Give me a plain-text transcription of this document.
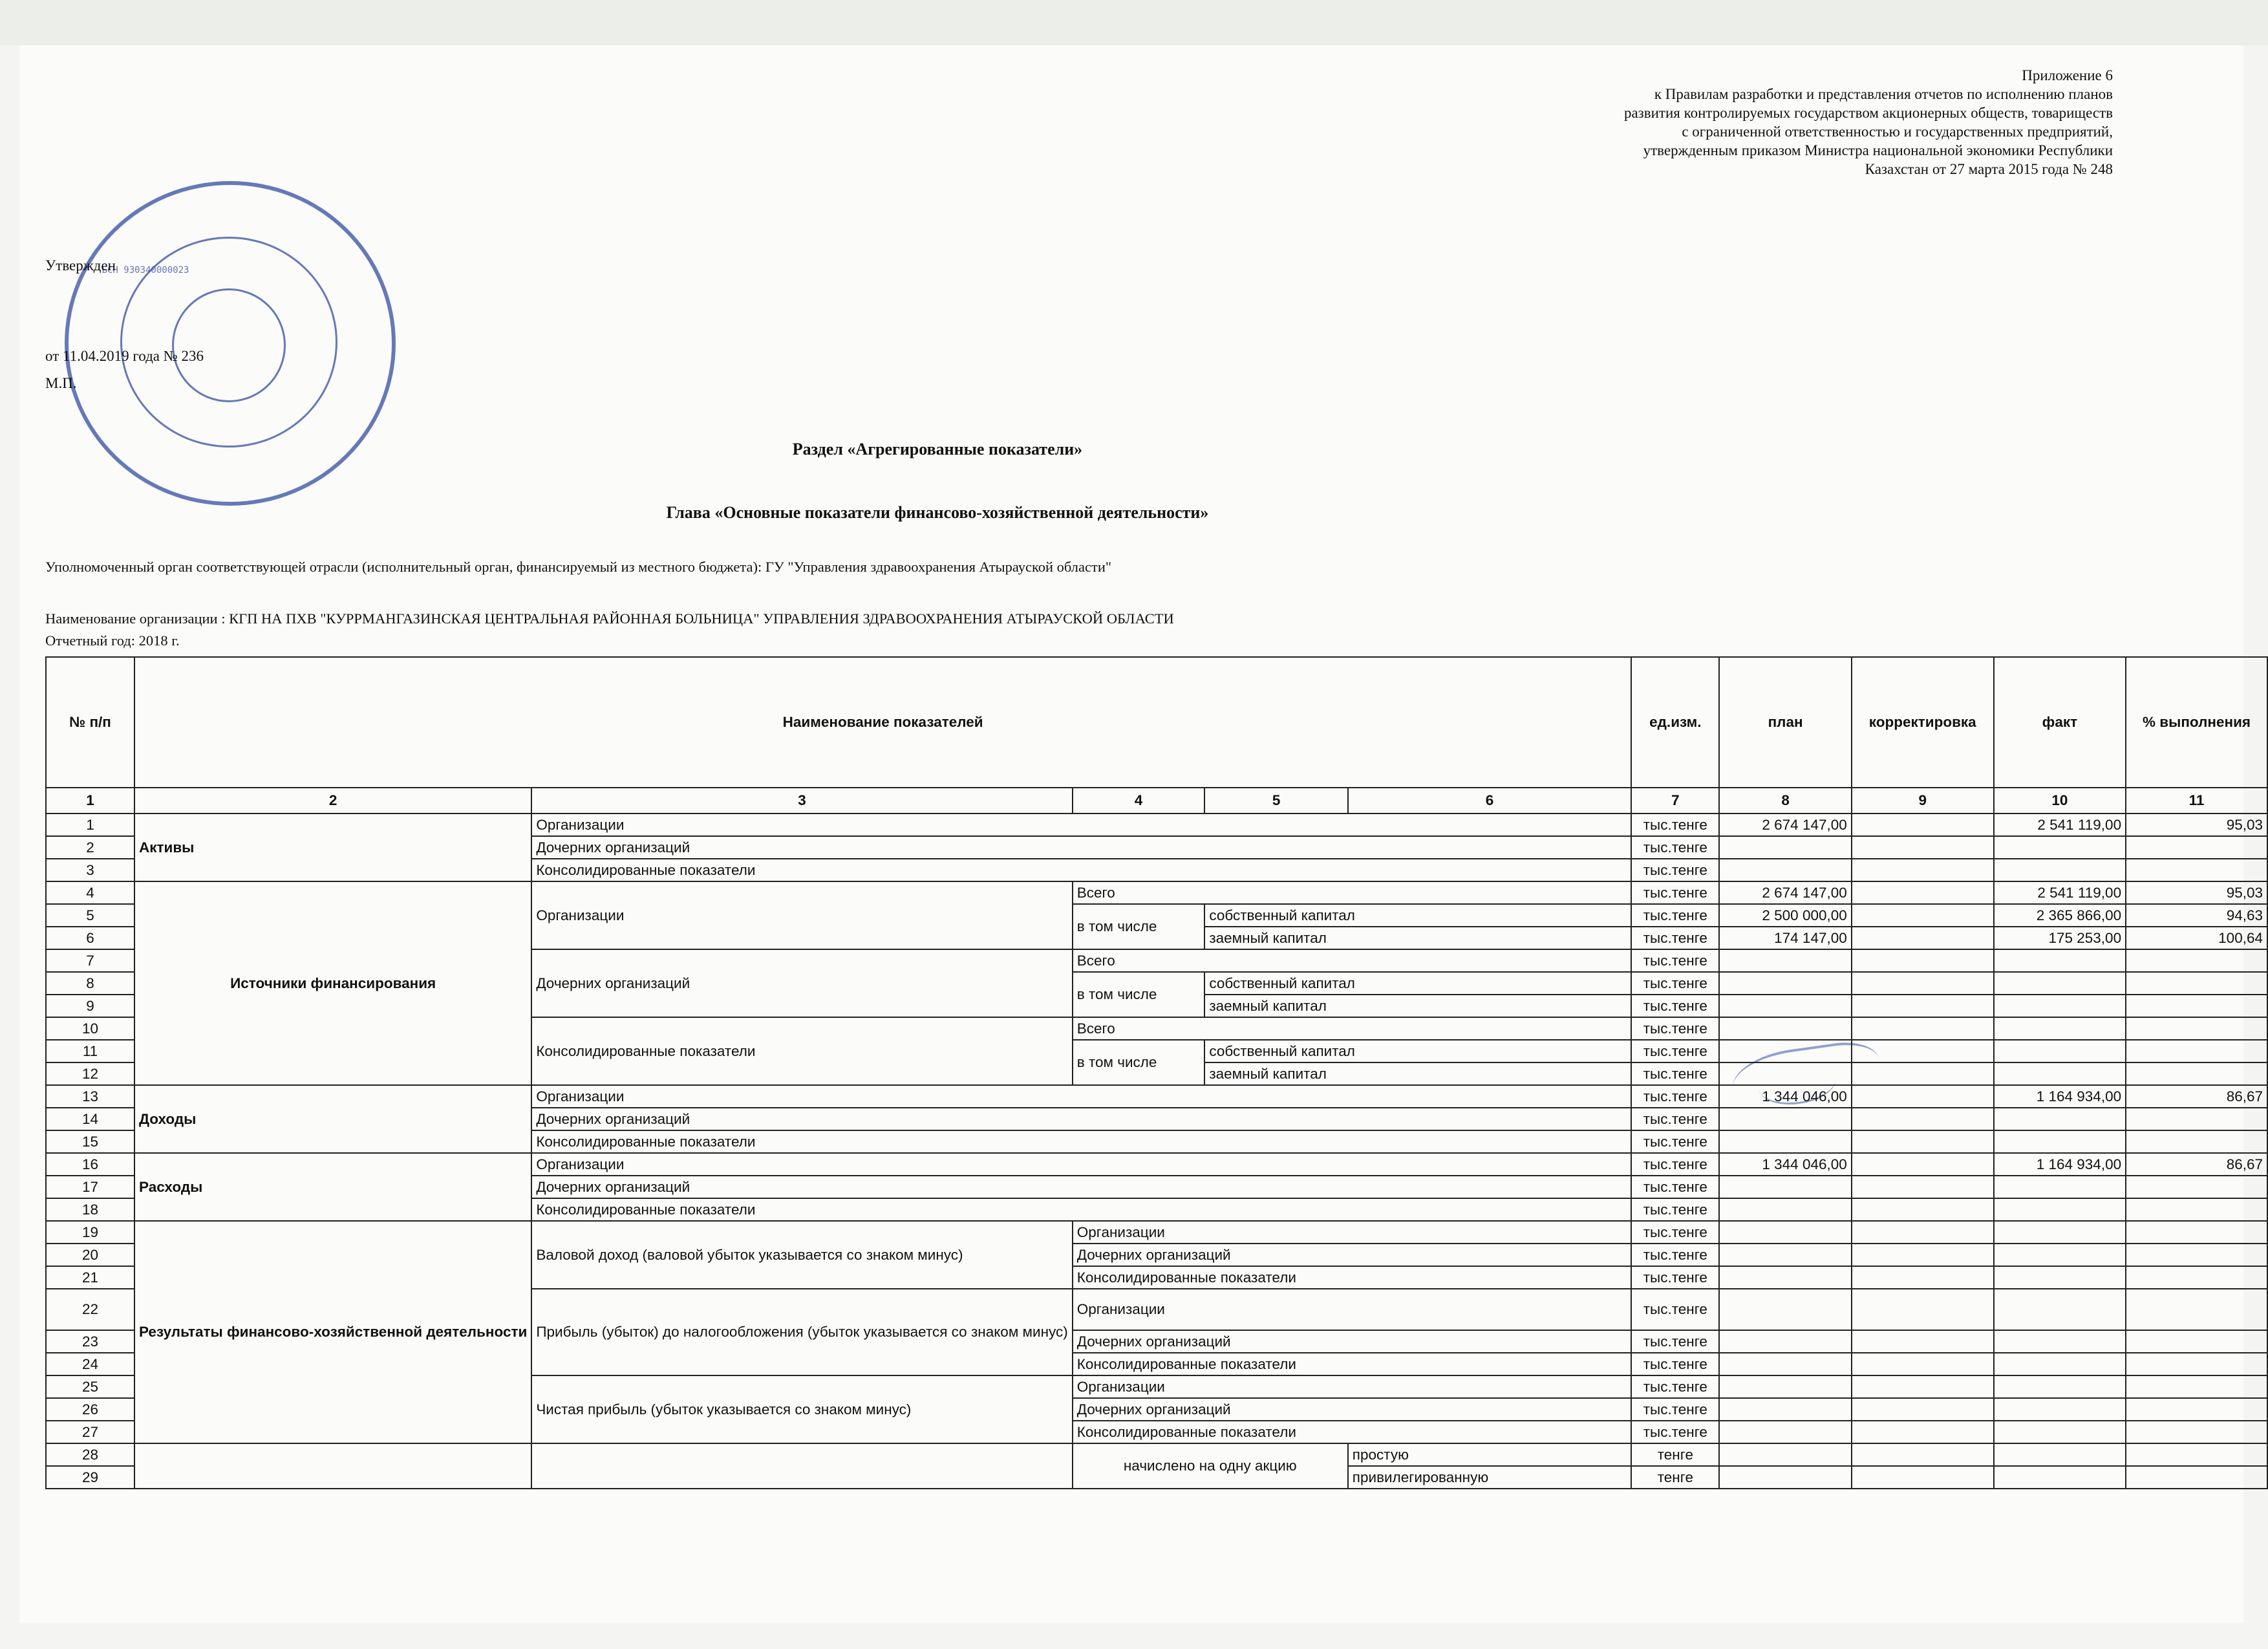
Приложение 6
к Правилам разработки и представления отчетов по исполнению планов
развития контролируемых государством акционерных обществ, товариществ
с ограниченной ответственностью и государственных предприятий,
утвержденным приказом Министра национальной экономики Республики
Казахстан от 27 марта 2015 года № 248
БСН 930340000023
Утвержден
от 11.04.2019 года № 236
М.П.
Раздел «Агрегированные показатели»
Глава «Основные показатели финансово-хозяйственной деятельности»
Уполномоченный орган соответствующей отрасли (исполнительный орган, финансируемый из местного бюджета): ГУ "Управления здравоохранения Атырауской области"
Наименование организации : КГП НА ПХВ "КУРРМАНГАЗИНСКАЯ ЦЕНТРАЛЬНАЯ РАЙОННАЯ БОЛЬНИЦА" УПРАВЛЕНИЯ ЗДРАВООХРАНЕНИЯ АТЫРАУСКОЙ ОБЛАСТИ
Отчетный год: 2018 г.
№ п/п	Наименование показателей					ед.изм.	план	корректировка	факт	% выполнения
1	2	3	4	5	6	7	8	9	10	11
1	Активы	Организации				тыс.тенге	2 674 147,00		2 541 119,00	95,03
2		Дочерних организаций				тыс.тенге				
3		Консолидированные показатели				тыс.тенге				
4	Источники финансирования	Организации	Всего			тыс.тенге	2 674 147,00		2 541 119,00	95,03
5			в том числе	собственный капитал		тыс.тенге	2 500 000,00		2 365 866,00	94,63
6				заемный капитал		тыс.тенге	174 147,00		175 253,00	100,64
7		Дочерних организаций	Всего			тыс.тенге				
8			в том числе	собственный капитал		тыс.тенге				
9				заемный капитал		тыс.тенге				
10		Консолидированные показатели	Всего			тыс.тенге				
11			в том числе	собственный капитал		тыс.тенге				
12				заемный капитал		тыс.тенге				
13	Доходы	Организации				тыс.тенге	1 344 046,00		1 164 934,00	86,67
14		Дочерних организаций				тыс.тенге				
15		Консолидированные показатели				тыс.тенге				
16	Расходы	Организации				тыс.тенге	1 344 046,00		1 164 934,00	86,67
17		Дочерних организаций				тыс.тенге				
18		Консолидированные показатели				тыс.тенге				
19	Результаты финансово-хозяйственной деятельности	Валовой доход (валовой убыток указывается со знаком минус)	Организации			тыс.тенге				
20			Дочерних организаций			тыс.тенге				
21			Консолидированные показатели			тыс.тенге				
22		Прибыль (убыток) до налогообложения (убыток указывается со знаком минус)	Организации			тыс.тенге				
23			Дочерних организаций			тыс.тенге				
24			Консолидированные показатели			тыс.тенге				
25		Чистая прибыль (убыток указывается со знаком минус)	Организации			тыс.тенге				
26			Дочерних организаций			тыс.тенге				
27			Консолидированные показатели			тыс.тенге				
28			начислено на одну акцию		простую	тенге				
29					привилегированную	тенге				
